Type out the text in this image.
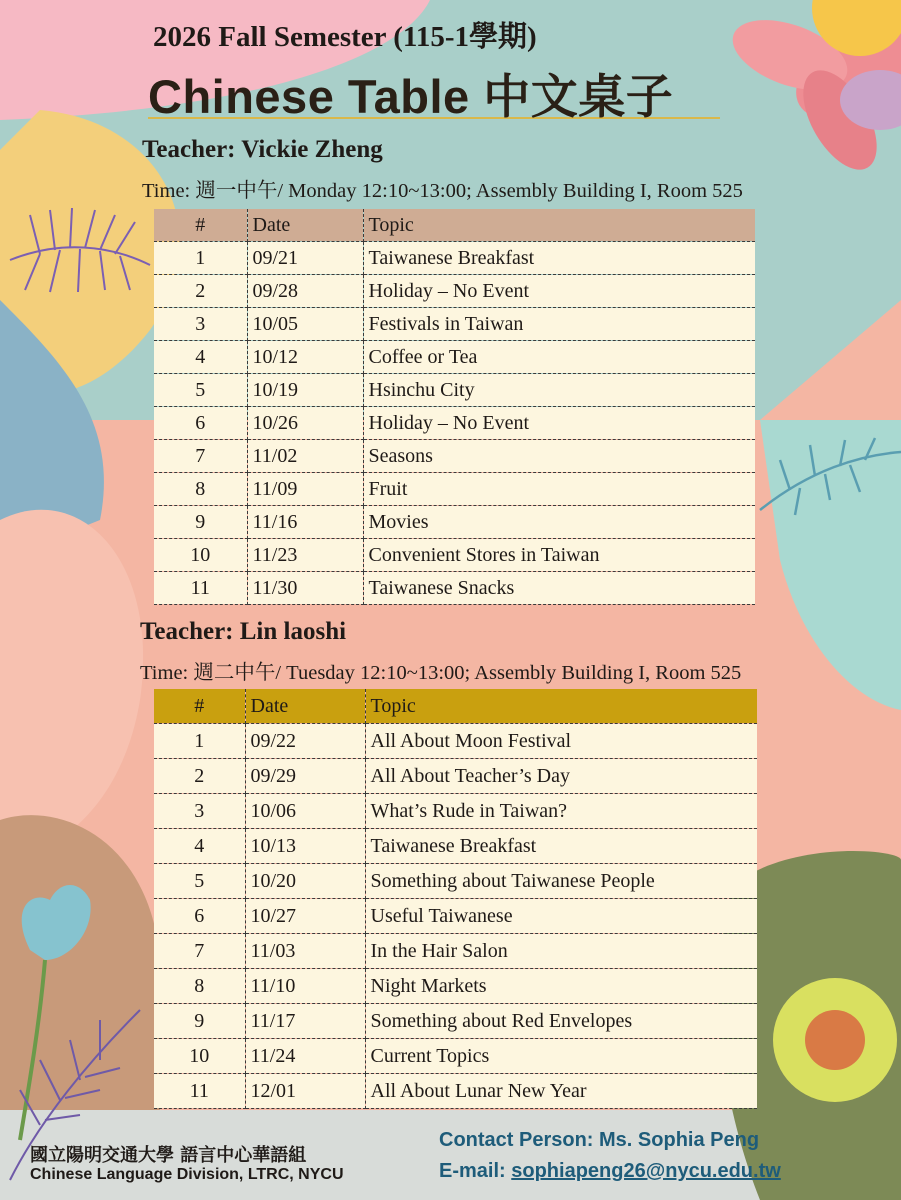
2026 Fall Semester (115-1學期)
Chinese Table 中文桌子
Teacher: Vickie Zheng
Time: 週一中午/ Monday 12:10~13:00; Assembly Building I, Room 525
#	Date	Topic
1	09/21	Taiwanese Breakfast
2	09/28	Holiday – No Event
3	10/05	Festivals in Taiwan
4	10/12	Coffee or Tea
5	10/19	Hsinchu City
6	10/26	Holiday – No Event
7	11/02	Seasons
8	11/09	Fruit
9	11/16	Movies
10	11/23	Convenient Stores in Taiwan
11	11/30	Taiwanese Snacks
Teacher: Lin laoshi
Time: 週二中午/ Tuesday 12:10~13:00; Assembly Building I, Room 525
#	Date	Topic
1	09/22	All About Moon Festival
2	09/29	All About Teacher’s Day
3	10/06	What’s Rude in Taiwan?
4	10/13	Taiwanese Breakfast
5	10/20	Something about Taiwanese People
6	10/27	Useful Taiwanese
7	11/03	In the Hair Salon
8	11/10	Night Markets
9	11/17	Something about Red Envelopes
10	11/24	Current Topics
11	12/01	All About Lunar New Year
國立陽明交通大學 語言中心華語組
Chinese Language Division, LTRC, NYCU
Contact Person: Ms. Sophia Peng
E-mail: sophiapeng26@nycu.edu.tw
